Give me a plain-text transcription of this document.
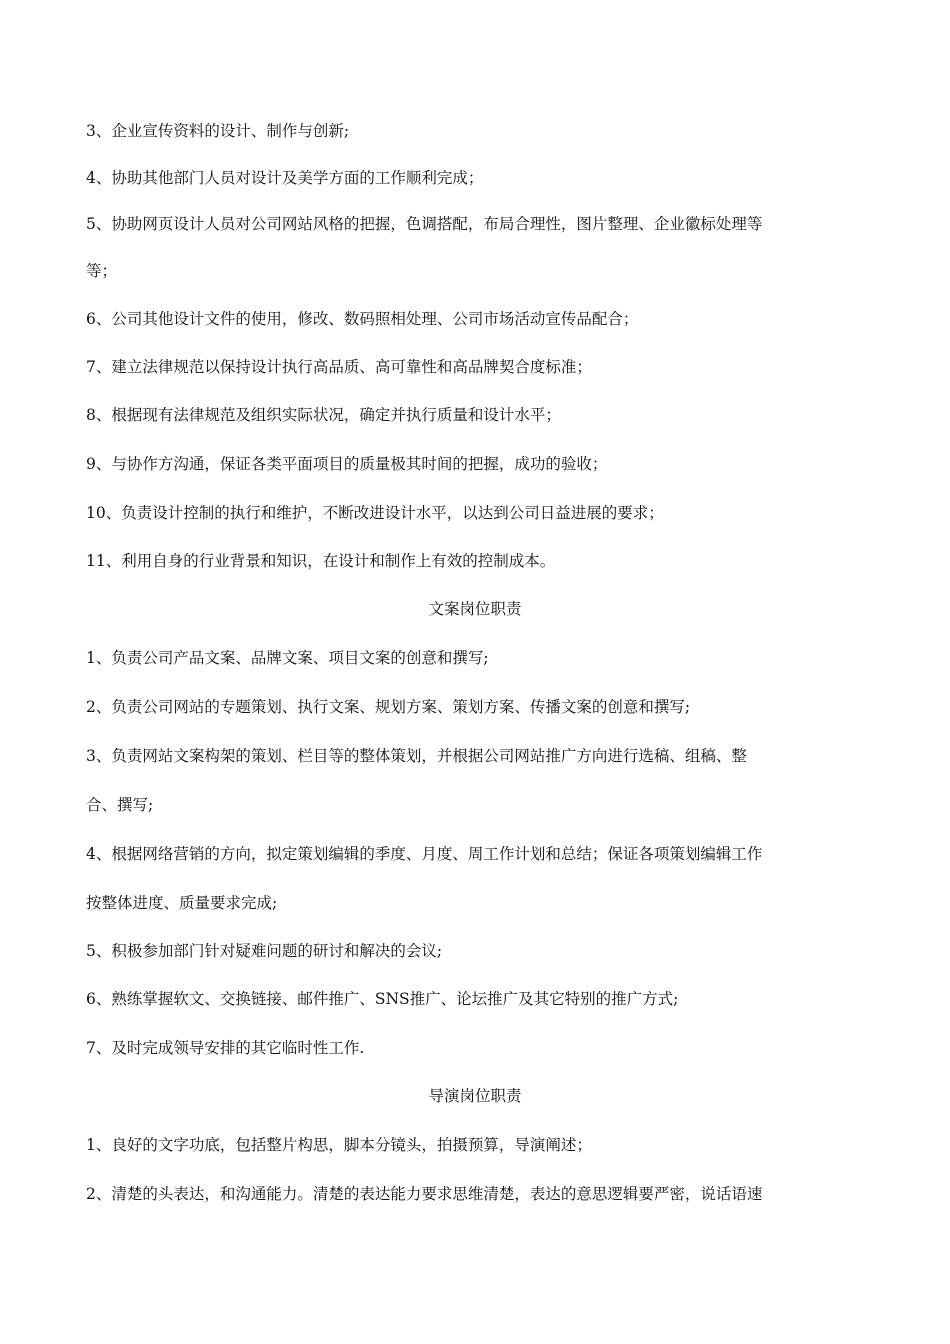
3、企业宣传资料的设计、制作与创新;
4、协助其他部门人员对设计及美学方面的工作顺利完成；
5、协助网页设计人员对公司网站风格的把握，色调搭配，布局合理性，图片整理、企业徽标处理等
等；
6、公司其他设计文件的使用，修改、数码照相处理、公司市场活动宣传品配合；
7、建立法律规范以保持设计执行高品质、高可靠性和高品牌契合度标准；
8、根据现有法律规范及组织实际状况，确定并执行质量和设计水平；
9、与协作方沟通，保证各类平面项目的质量极其时间的把握，成功的验收；
10、负责设计控制的执行和维护，不断改进设计水平，以达到公司日益进展的要求；
11、利用自身的行业背景和知识，在设计和制作上有效的控制成本。
文案岗位职责
1、负责公司产品文案、品牌文案、项目文案的创意和撰写;
2、负责公司网站的专题策划、执行文案、规划方案、策划方案、传播文案的创意和撰写;
3、负责网站文案构架的策划、栏目等的整体策划，并根据公司网站推广方向进行选稿、组稿、整
合、撰写;
4、根据网络营销的方向，拟定策划编辑的季度、月度、周工作计划和总结；保证各项策划编辑工作
按整体进度、质量要求完成;
5、积极参加部门针对疑难问题的研讨和解决的会议;
6、熟练掌握软文、交换链接、邮件推广、SNS推广、论坛推广及其它特别的推广方式;
7、及时完成领导安排的其它临时性工作.
导演岗位职责
1、良好的文字功底，包括整片构思，脚本分镜头，拍摄预算，导演阐述；
2、清楚的头表达，和沟通能力。清楚的表达能力要求思维清楚，表达的意思逻辑要严密，说话语速
